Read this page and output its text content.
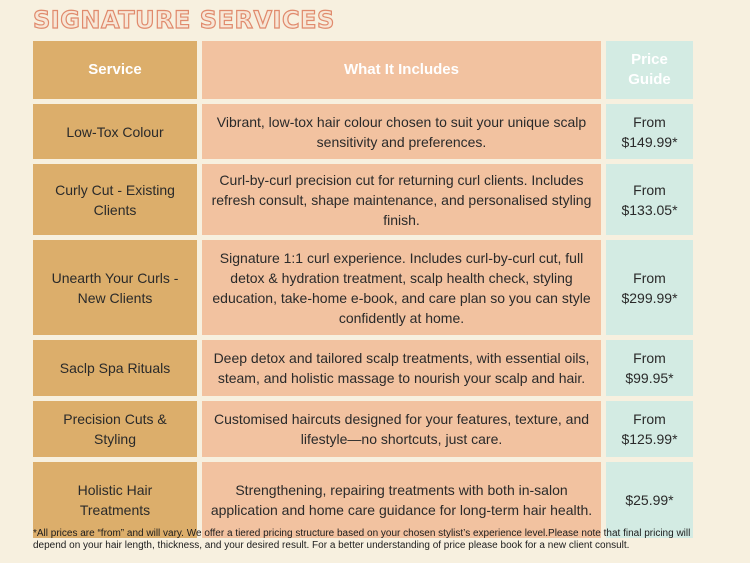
SIGNATURE SERVICES
Service	What It Includes
Price Guide
Low-Tox Colour
Vibrant, low-tox hair colour chosen to suit your unique scalp sensitivity and preferences.
From $149.99*
Curly Cut - Existing Clients
Curl-by-curl precision cut for returning curl clients. Includes refresh consult, shape maintenance, and personalised styling finish.
From $133.05*
Unearth Your Curls - New Clients
Signature 1:1 curl experience. Includes curl-by-curl cut, full detox & hydration treatment, scalp health check, styling education, take-home e-book, and care plan so you can style confidently at home.
From $299.99*
Saclp Spa Rituals
Deep detox and tailored scalp treatments, with essential oils, steam, and holistic massage to nourish your scalp and hair.
From $99.95*
Precision Cuts & Styling
Customised haircuts designed for your features, texture, and lifestyle—no shortcuts, just care.
From $125.99*
Holistic Hair Treatments
Strengthening, repairing treatments with both in-salon application and home care guidance for long-term hair health.
$25.99*
*All prices are “from” and will vary. We offer a tiered pricing structure based on your chosen stylist’s experience level.Please note that final pricing will depend on your hair length, thickness, and your desired result. For a better understanding of price please book for a new client consult.
